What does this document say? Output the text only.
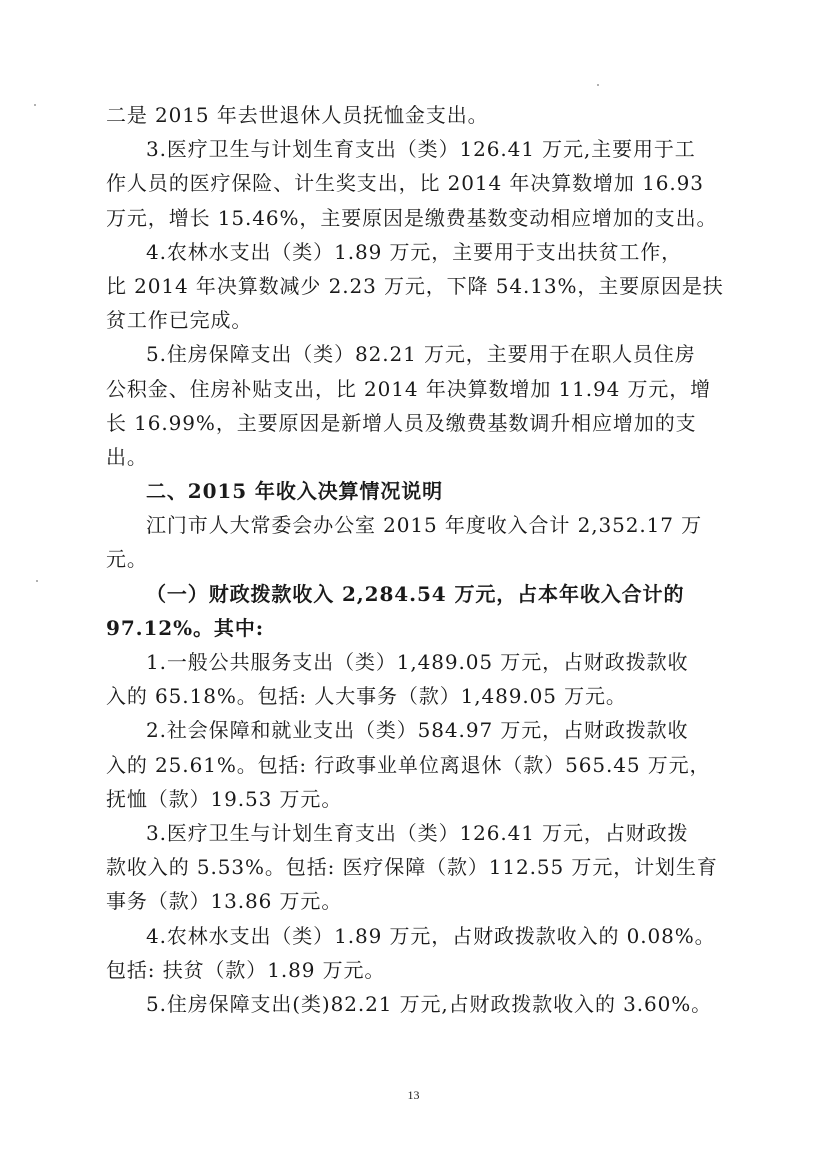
二是 2015 年去世退休人员抚恤金支出。
3.医疗卫生与计划生育支出（类）126.41 万元,主要用于工
作人员的医疗保险、计生奖支出，比 2014 年决算数增加 16.93
万元，增长 15.46%，主要原因是缴费基数变动相应增加的支出。
4.农林水支出（类）1.89 万元，主要用于支出扶贫工作，
比 2014 年决算数减少 2.23 万元，下降 54.13%，主要原因是扶
贫工作已完成。
5.住房保障支出（类）82.21 万元，主要用于在职人员住房
公积金、住房补贴支出，比 2014 年决算数增加 11.94 万元，增
长 16.99%，主要原因是新增人员及缴费基数调升相应增加的支
出。
二、2015 年收入决算情况说明
江门市人大常委会办公室 2015 年度收入合计 2,352.17 万
元。
（一）财政拨款收入 2,284.54 万元，占本年收入合计的
97.12%。其中:
1.一般公共服务支出（类）1,489.05 万元，占财政拨款收
入的 65.18%。包括: 人大事务（款）1,489.05 万元。
2.社会保障和就业支出（类）584.97 万元，占财政拨款收
入的 25.61%。包括: 行政事业单位离退休（款）565.45 万元，
抚恤（款）19.53 万元。
3.医疗卫生与计划生育支出（类）126.41 万元，占财政拨
款收入的 5.53%。包括: 医疗保障（款）112.55 万元，计划生育
事务（款）13.86 万元。
4.农林水支出（类）1.89 万元，占财政拨款收入的 0.08%。
包括: 扶贫（款）1.89 万元。
5.住房保障支出(类)82.21 万元,占财政拨款收入的 3.60%。
13
